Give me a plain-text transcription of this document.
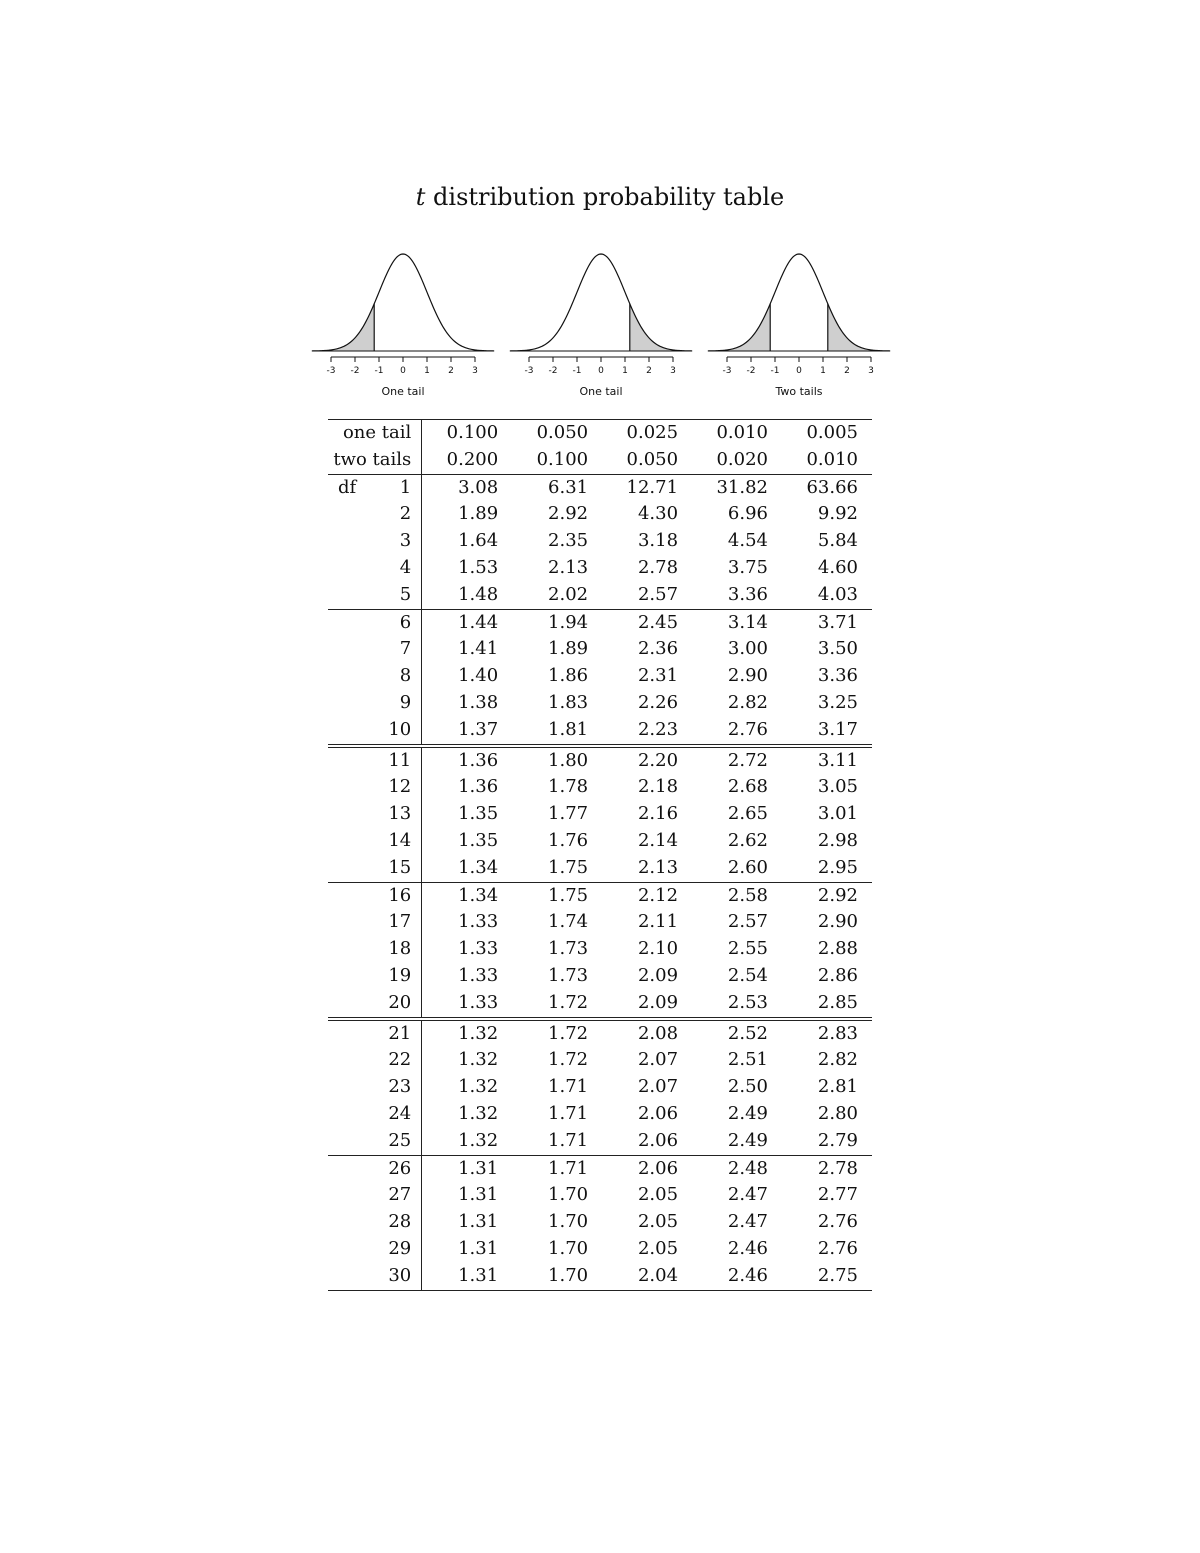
t distribution probability table
-3 -2 -1 0 1 2 3
One tail
-3 -2 -1 0 1 2 3
One tail
-3 -2 -1 0 1 2 3
Two tails
one tail	0.100	0.050	0.025	0.010	0.005
two tails	0.200	0.100	0.050	0.020	0.010

df 1	3.08	6.31	12.71	31.82	63.66
2	1.89	2.92	4.30	6.96	9.92
3	1.64	2.35	3.18	4.54	5.84
4	1.53	2.13	2.78	3.75	4.60
5	1.48	2.02	2.57	3.36	4.03
6	1.44	1.94	2.45	3.14	3.71
7	1.41	1.89	2.36	3.00	3.50
8	1.40	1.86	2.31	2.90	3.36
9	1.38	1.83	2.26	2.82	3.25
10	1.37	1.81	2.23	2.76	3.17
11	1.36	1.80	2.20	2.72	3.11
12	1.36	1.78	2.18	2.68	3.05
13	1.35	1.77	2.16	2.65	3.01
14	1.35	1.76	2.14	2.62	2.98
15	1.34	1.75	2.13	2.60	2.95
16	1.34	1.75	2.12	2.58	2.92
17	1.33	1.74	2.11	2.57	2.90
18	1.33	1.73	2.10	2.55	2.88
19	1.33	1.73	2.09	2.54	2.86
20	1.33	1.72	2.09	2.53	2.85
21	1.32	1.72	2.08	2.52	2.83
22	1.32	1.72	2.07	2.51	2.82
23	1.32	1.71	2.07	2.50	2.81
24	1.32	1.71	2.06	2.49	2.80
25	1.32	1.71	2.06	2.49	2.79
26	1.31	1.71	2.06	2.48	2.78
27	1.31	1.70	2.05	2.47	2.77
28	1.31	1.70	2.05	2.47	2.76
29	1.31	1.70	2.05	2.46	2.76
30	1.31	1.70	2.04	2.46	2.75
